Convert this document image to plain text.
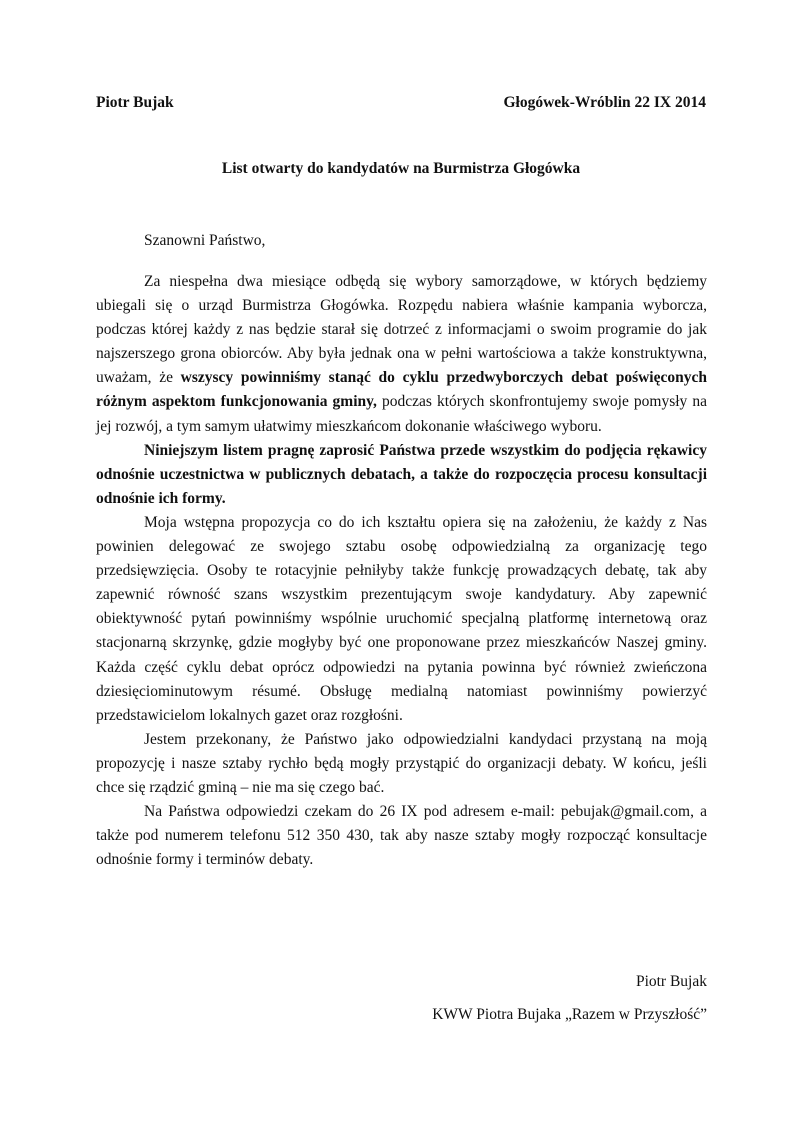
Piotr Bujak	Głogówek-Wróblin 22 IX 2014
List otwarty do kandydatów na Burmistrza Głogówka
Szanowni Państwo,

Za niespełna dwa miesiące odbędą się wybory samorządowe, w których będziemy ubiegali się o urząd Burmistrza Głogówka. Rozpędu nabiera właśnie kampania wyborcza, podczas której każdy z nas będzie starał się dotrzeć z informacjami o swoim programie do jak najszerszego grona obiorców. Aby była jednak ona w pełni wartościowa a także konstruktywna, uważam, że wszyscy powinniśmy stanąć do cyklu przedwyborczych debat poświęconych różnym aspektom funkcjonowania gminy, podczas których skonfrontujemy swoje pomysły na jej rozwój, a tym samym ułatwimy mieszkańcom dokonanie właściwego wyboru.

Niniejszym listem pragnę zaprosić Państwa przede wszystkim do podjęcia rękawicy odnośnie uczestnictwa w publicznych debatach, a także do rozpoczęcia procesu konsultacji odnośnie ich formy.

Moja wstępna propozycja co do ich kształtu opiera się na założeniu, że każdy z Nas powinien delegować ze swojego sztabu osobę odpowiedzialną za organizację tego przedsięwzięcia. Osoby te rotacyjnie pełniłyby także funkcję prowadzących debatę, tak aby zapewnić równość szans wszystkim prezentującym swoje kandydatury. Aby zapewnić obiektywność pytań powinniśmy wspólnie uruchomić specjalną platformę internetową oraz stacjonarną skrzynkę, gdzie mogłyby być one proponowane przez mieszkańców Naszej gminy. Każda część cyklu debat oprócz odpowiedzi na pytania powinna być również zwieńczona dziesięciominutowym résumé. Obsługę medialną natomiast powinniśmy powierzyć przedstawicielom lokalnych gazet oraz rozgłośni.

Jestem przekonany, że Państwo jako odpowiedzialni kandydaci przystaną na moją propozycję i nasze sztaby rychło będą mogły przystąpić do organizacji debaty. W końcu, jeśli chce się rządzić gminą – nie ma się czego bać.

Na Państwa odpowiedzi czekam do 26 IX pod adresem e-mail: pebujak@gmail.com, a także pod numerem telefonu 512 350 430, tak aby nasze sztaby mogły rozpocząć konsultacje odnośnie formy i terminów debaty.

Piotr Bujak
KWW Piotra Bujaka „Razem w Przyszłość”
